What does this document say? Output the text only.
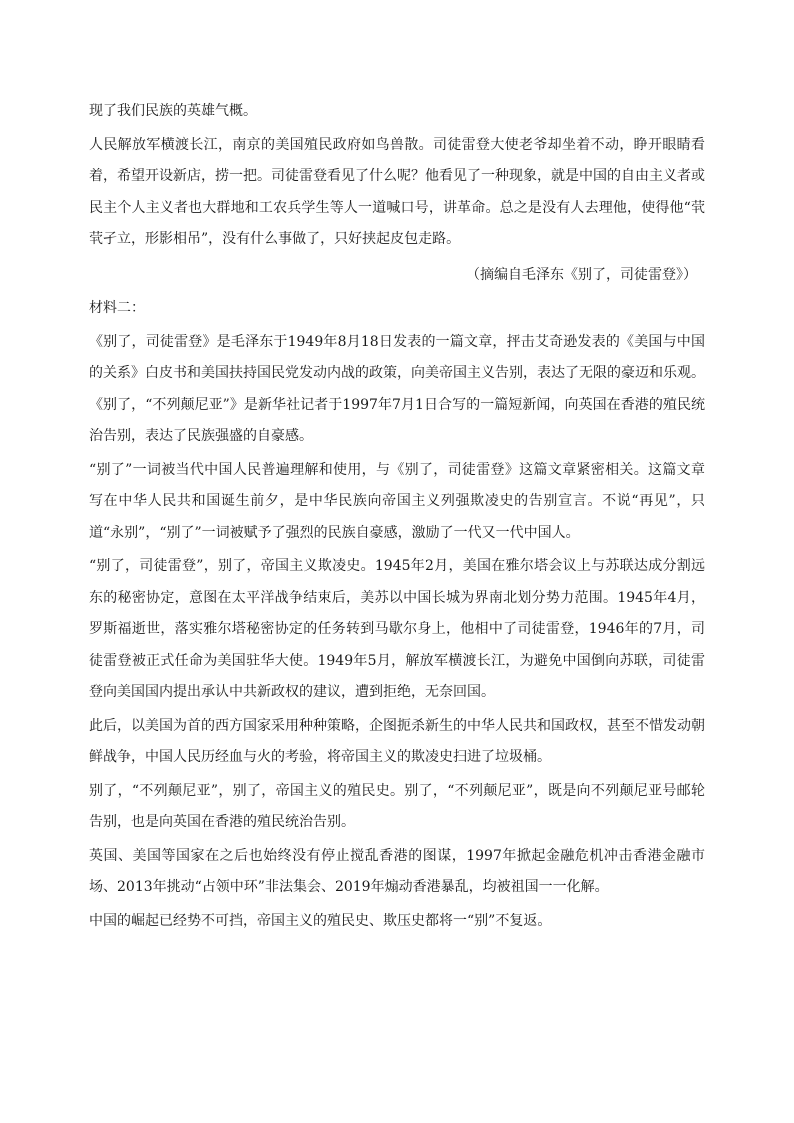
现了我们民族的英雄气概。

人民解放军横渡长江，南京的美国殖民政府如鸟兽散。司徒雷登大使老爷却坐着不动，睁开眼睛看着，希望开设新店，捞一把。司徒雷登看见了什么呢？他看见了一种现象，就是中国的自由主义者或民主个人主义者也大群地和工农兵学生等人一道喊口号，讲革命。总之是没有人去理他，使得他“茕茕孑立，形影相吊”，没有什么事做了，只好挟起皮包走路。

（摘编自毛泽东《别了，司徒雷登》）

材料二：

《别了，司徒雷登》是毛泽东于1949年8月18日发表的一篇文章，抨击艾奇逊发表的《美国与中国的关系》白皮书和美国扶持国民党发动内战的政策，向美帝国主义告别，表达了无限的豪迈和乐观。《别了，“不列颠尼亚”》是新华社记者于1997年7月1日合写的一篇短新闻，向英国在香港的殖民统治告别，表达了民族强盛的自豪感。

“别了”一词被当代中国人民普遍理解和使用，与《别了，司徒雷登》这篇文章紧密相关。这篇文章写在中华人民共和国诞生前夕，是中华民族向帝国主义列强欺凌史的告别宣言。不说“再见”，只道“永别”，“别了”一词被赋予了强烈的民族自豪感，激励了一代又一代中国人。

“别了，司徒雷登”，别了，帝国主义欺凌史。1945年2月，美国在雅尔塔会议上与苏联达成分割远东的秘密协定，意图在太平洋战争结束后，美苏以中国长城为界南北划分势力范围。1945年4月，罗斯福逝世，落实雅尔塔秘密协定的任务转到马歇尔身上，他相中了司徒雷登，1946年的7月，司徒雷登被正式任命为美国驻华大使。1949年5月，解放军横渡长江，为避免中国倒向苏联，司徒雷登向美国国内提出承认中共新政权的建议，遭到拒绝，无奈回国。

此后，以美国为首的西方国家采用种种策略，企图扼杀新生的中华人民共和国政权，甚至不惜发动朝鲜战争，中国人民历经血与火的考验，将帝国主义的欺凌史扫进了垃圾桶。

别了，“不列颠尼亚”，别了，帝国主义的殖民史。别了，“不列颠尼亚”，既是向不列颠尼亚号邮轮告别，也是向英国在香港的殖民统治告别。

英国、美国等国家在之后也始终没有停止搅乱香港的图谋，1997年掀起金融危机冲击香港金融市场、2013年挑动“占领中环”非法集会、2019年煽动香港暴乱，均被祖国一一化解。

中国的崛起已经势不可挡，帝国主义的殖民史、欺压史都将一“别”不复返。
